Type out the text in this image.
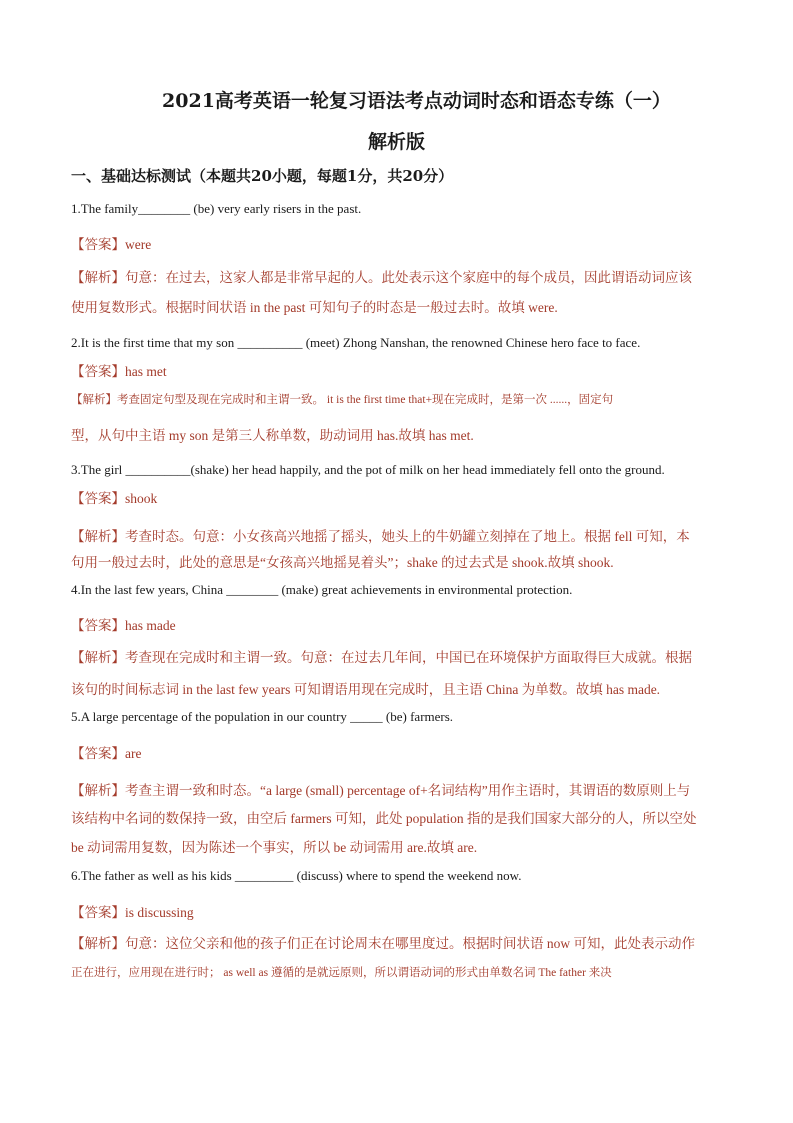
2021高考英语一轮复习语法考点动词时态和语态专练（一）
解析版
一、基础达标测试（本题共20小题，每题1分，共20分）
1.The family________ (be) very early risers in the past.
【答案】were
【解析】句意：在过去，这家人都是非常早起的人。此处表示这个家庭中的每个成员，因此谓语动词应该
使用复数形式。根据时间状语 in the past 可知句子的时态是一般过去时。故填 were.
2.It is the first time that my son __________ (meet) Zhong Nanshan, the renowned Chinese hero face to face.
【答案】has met
【解析】考查固定句型及现在完成时和主谓一致。 it is the first time that+现在完成时，是第一次 ......，固定句
型，从句中主语 my son 是第三人称单数，助动词用 has.故填 has met.
3.The girl __________(shake) her head happily, and the pot of milk on her head immediately fell onto the ground.
【答案】shook
【解析】考查时态。句意：小女孩高兴地摇了摇头，她头上的牛奶罐立刻掉在了地上。根据 fell 可知，本
句用一般过去时，此处的意思是“女孩高兴地摇晃着头”；shake 的过去式是 shook.故填 shook.
4.In the last few years, China ________ (make) great achievements in environmental protection.
【答案】has made
【解析】考查现在完成时和主谓一致。句意：在过去几年间，中国已在环境保护方面取得巨大成就。根据
该句的时间标志词 in the last few years 可知谓语用现在完成时，且主语 China 为单数。故填 has made.
5.A large percentage of the population in our country _____ (be) farmers.
【答案】are
【解析】考查主谓一致和时态。“a large (small) percentage of+名词结构”用作主语时，其谓语的数原则上与
该结构中名词的数保持一致，由空后 farmers 可知，此处 population 指的是我们国家大部分的人，所以空处
be 动词需用复数，因为陈述一个事实，所以 be 动词需用 are.故填 are.
6.The father as well as his kids _________ (discuss) where to spend the weekend now.
【答案】is discussing
【解析】句意：这位父亲和他的孩子们正在讨论周末在哪里度过。根据时间状语 now 可知，此处表示动作
正在进行，应用现在进行时； as well as 遵循的是就远原则，所以谓语动词的形式由单数名词 The father 来决
